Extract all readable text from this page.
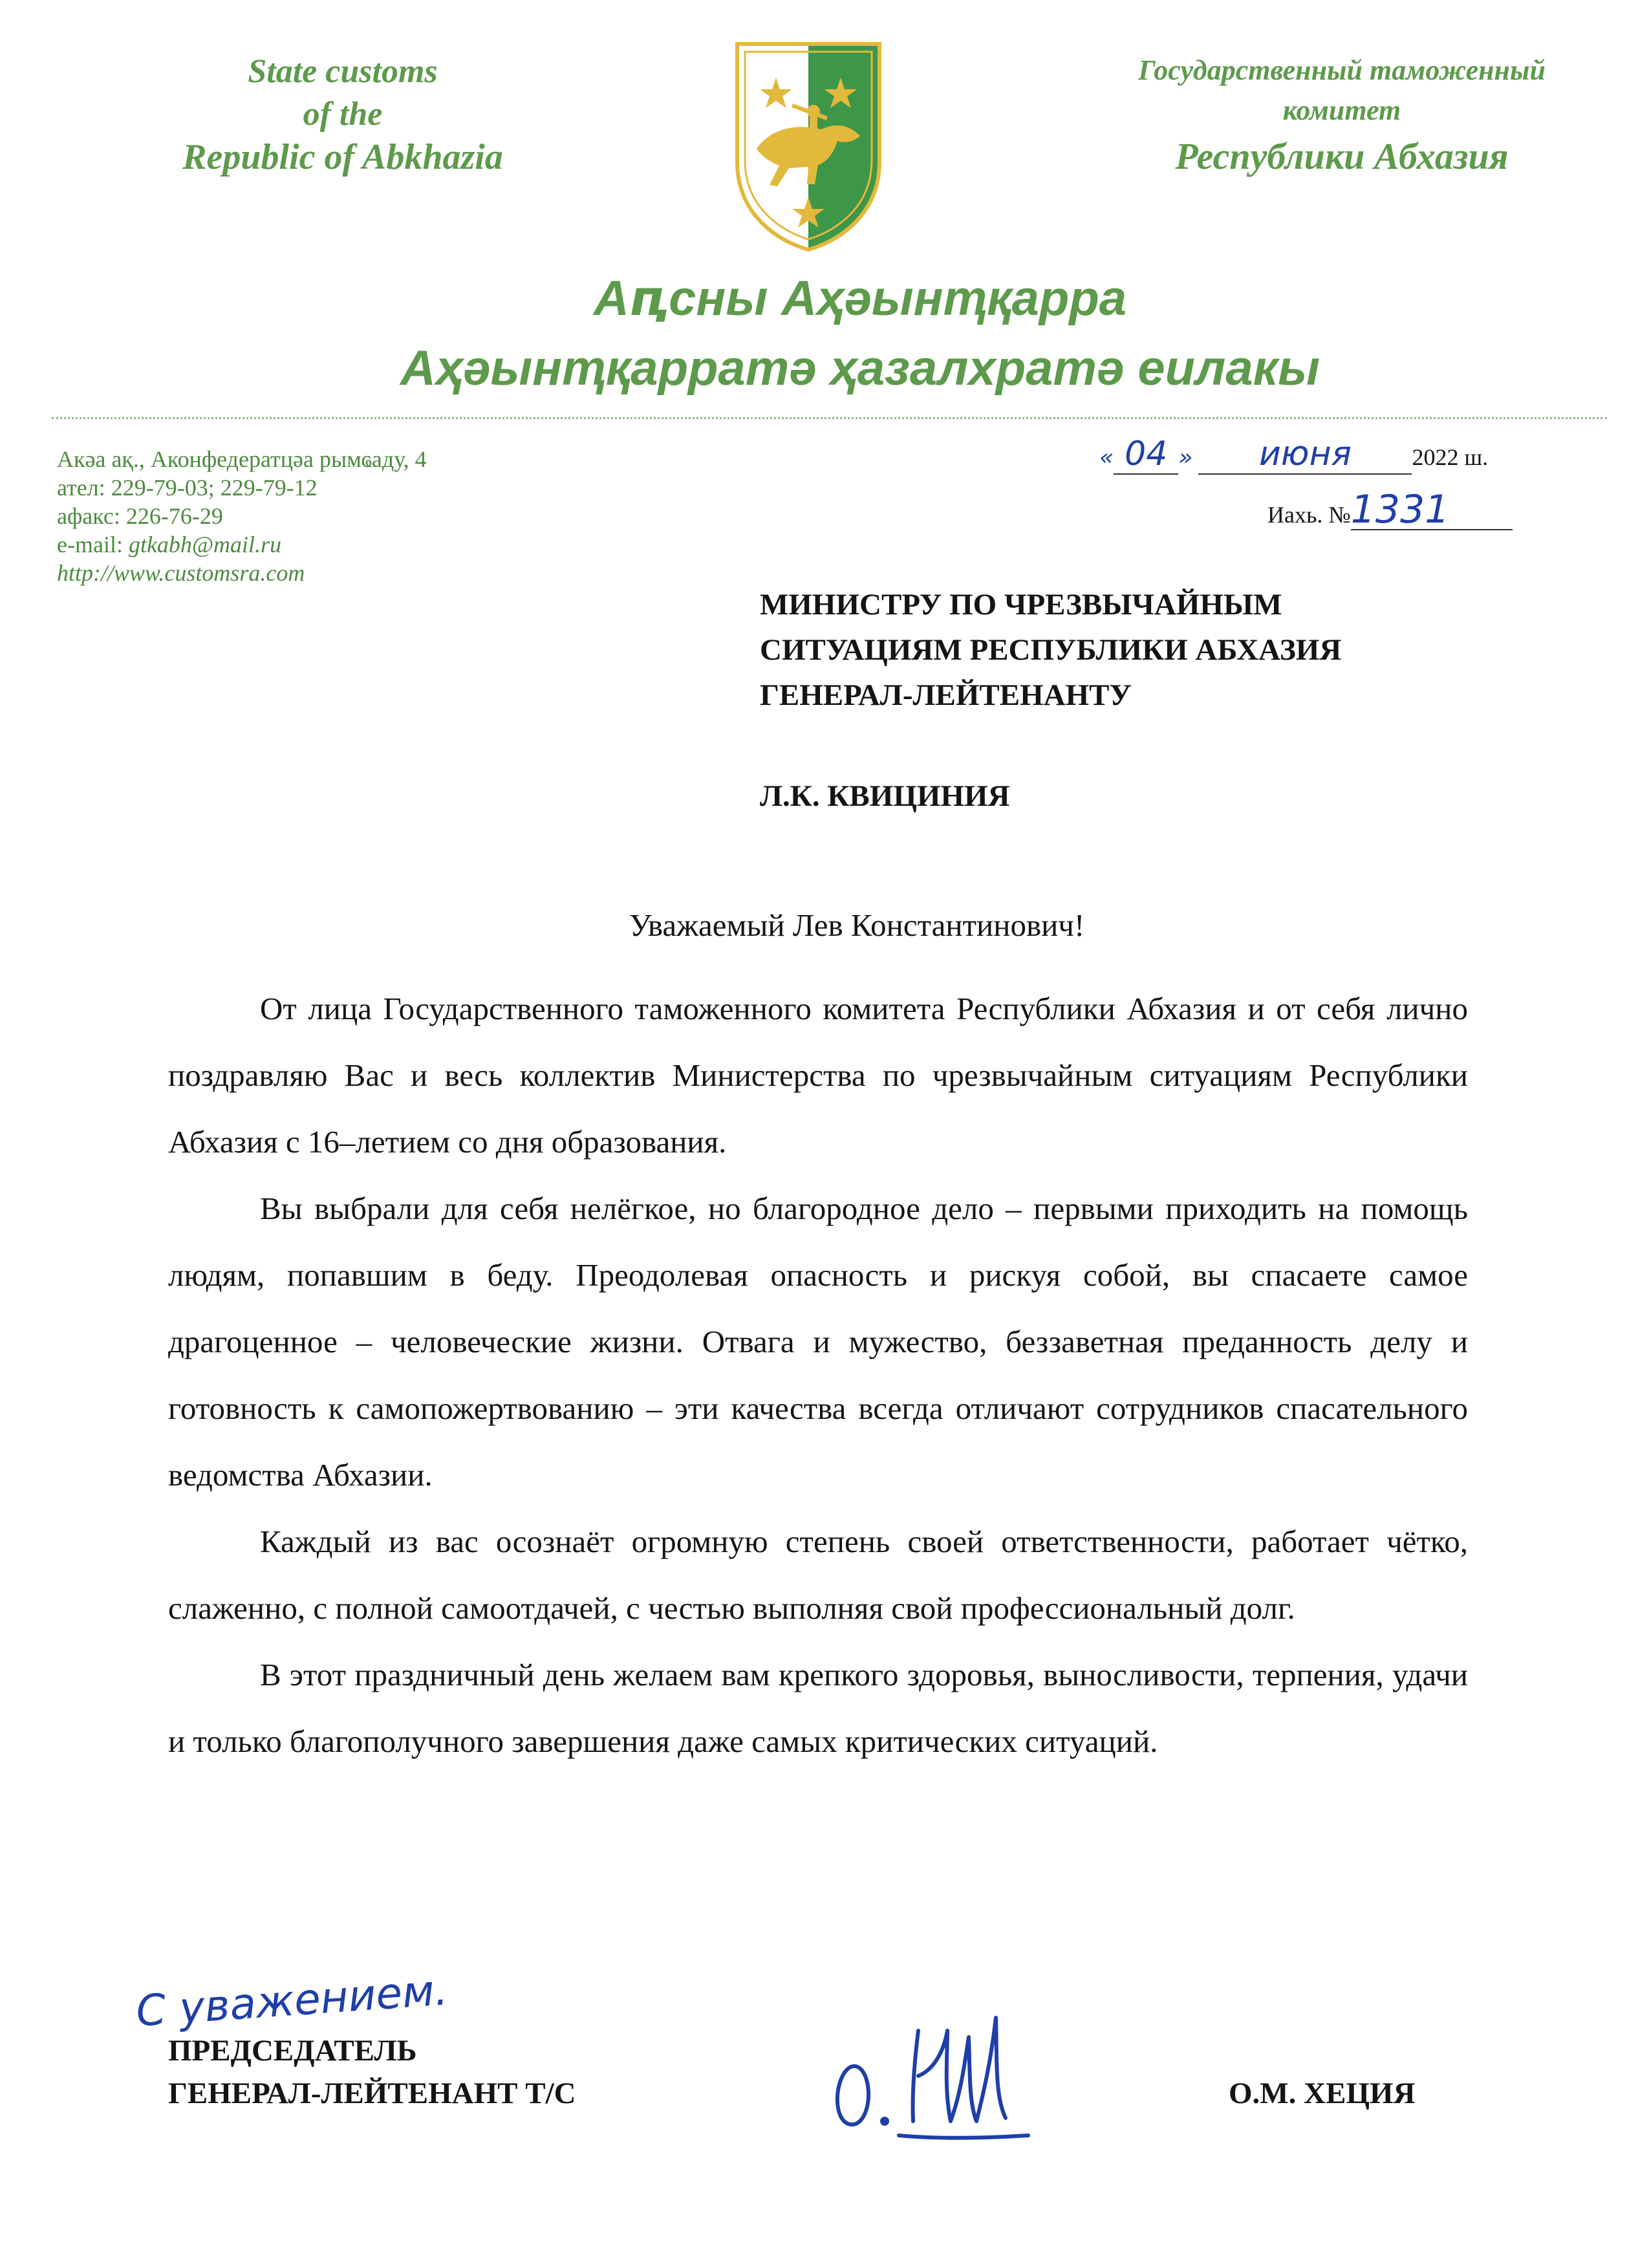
State customs
of the
Republic of Abkhazia
Государственный таможенный
комитет
Республики Абхазия
Аԥсны Аҳәынҭқарра
Аҳәынҭқарратә ҳазалхратә еилакы
Акәа ақ., Аконфедератцәа рымҩаду, 4
ател: 229-79-03; 229-79-12
афакс: 226-76-29
e-mail: gtkabh@mail.ru
http://www.customsra.com
« 04 » июня	2022 ш.
Иахь. №1331
МИНИСТРУ ПО ЧРЕЗВЫЧАЙНЫМ
СИТУАЦИЯМ РЕСПУБЛИКИ АБХАЗИЯ
ГЕНЕРАЛ-ЛЕЙТЕНАНТУ
Л.К. КВИЦИНИЯ
Уважаемый Лев Константинович!

От лица Государственного таможенного комитета Республики Абхазия и от себя лично поздравляю Вас и весь коллектив Министерства по чрезвычайным ситуациям Республики Абхазия с 16–летием со дня образования.

Вы выбрали для себя нелёгкое, но благородное дело – первыми приходить на помощь людям, попавшим в беду. Преодолевая опасность и рискуя собой, вы спасаете самое драгоценное – человеческие жизни. Отвага и мужество, беззаветная преданность делу и готовность к самопожертвованию – эти качества всегда отличают сотрудников спасательного ведомства Абхазии.

Каждый из вас осознаёт огромную степень своей ответственности, работает чётко, слаженно, с полной самоотдачей, с честью выполняя свой профессиональный долг.

В этот праздничный день желаем вам крепкого здоровья, выносливости, терпения, удачи и только благополучного завершения даже самых критических ситуаций.

С уважением.
ПРЕДСЕДАТЕЛЬ
ГЕНЕРАЛ-ЛЕЙТЕНАНТ Т/С	О.М. ХЕЦИЯ
